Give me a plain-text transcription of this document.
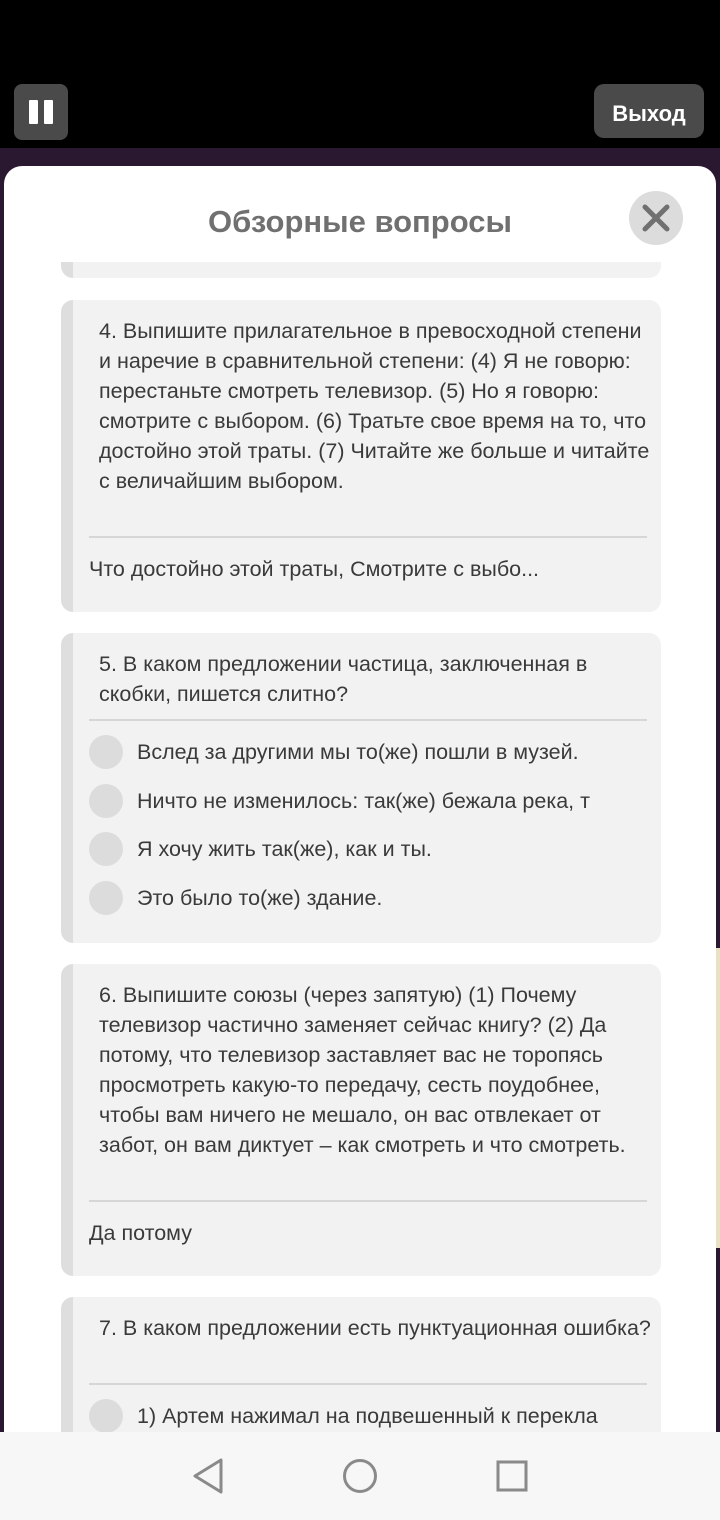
Выход
Обзорные вопросы
4. Выпишите прилагательное в превосходной степени и наречие в сравнительной степени: (4) Я не говорю: перестаньте смотреть телевизор. (5) Но я говорю: смотрите с выбором. (6) Тратьте свое время на то, что достойно этой траты. (7) Читайте же больше и читайте с величайшим выбором.
Что достойно этой траты, Смотрите с выбо...
5. В каком предложении частица, заключенная в скобки, пишется слитно?
Вслед за другими мы то(же) пошли в музей.
Ничто не изменилось: так(же) бежала река, т
Я хочу жить так(же), как и ты.
Это было то(же) здание.
6. Выпишите союзы (через запятую) (1) Почему телевизор частично заменяет сейчас книгу? (2) Да потому, что телевизор заставляет вас не торопясь просмотреть какую-то передачу, сесть поудобнее, чтобы вам ничего не мешало, он вас отвлекает от забот, он вам диктует – как смотреть и что смотреть.
Да потому
7. В каком предложении есть пунктуационная ошибка?
1) Артем нажимал на подвешенный к перекла
